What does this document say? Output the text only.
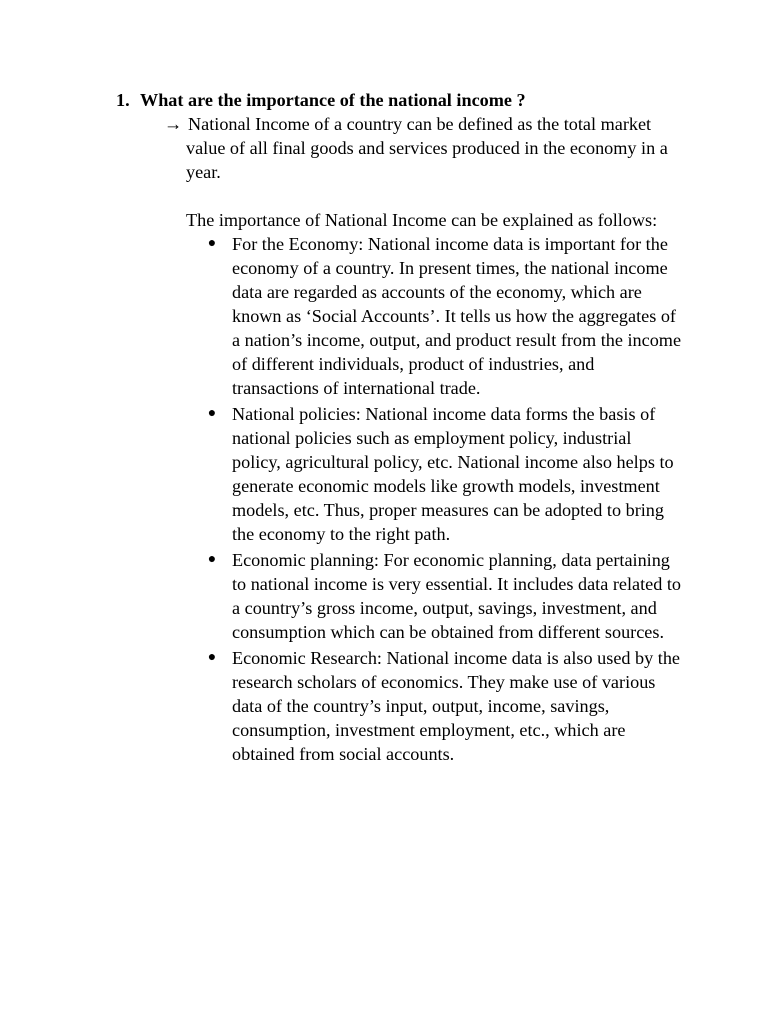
1. What are the importance of the national income ?

→ National Income of a country can be defined as the total market value of all final goods and services produced in the economy in a year.

The importance of National Income can be explained as follows:

● For the Economy: National income data is important for the economy of a country. In present times, the national income data are regarded as accounts of the economy, which are known as ‘Social Accounts’. It tells us how the aggregates of a nation’s income, output, and product result from the income of different individuals, product of industries, and transactions of international trade.
● National policies: National income data forms the basis of national policies such as employment policy, industrial policy, agricultural policy, etc. National income also helps to generate economic models like growth models, investment models, etc. Thus, proper measures can be adopted to bring the economy to the right path.
● Economic planning: For economic planning, data pertaining to national income is very essential. It includes data related to a country’s gross income, output, savings, investment, and consumption which can be obtained from different sources.
● Economic Research: National income data is also used by the research scholars of economics. They make use of various data of the country’s input, output, income, savings, consumption, investment employment, etc., which are obtained from social accounts.
